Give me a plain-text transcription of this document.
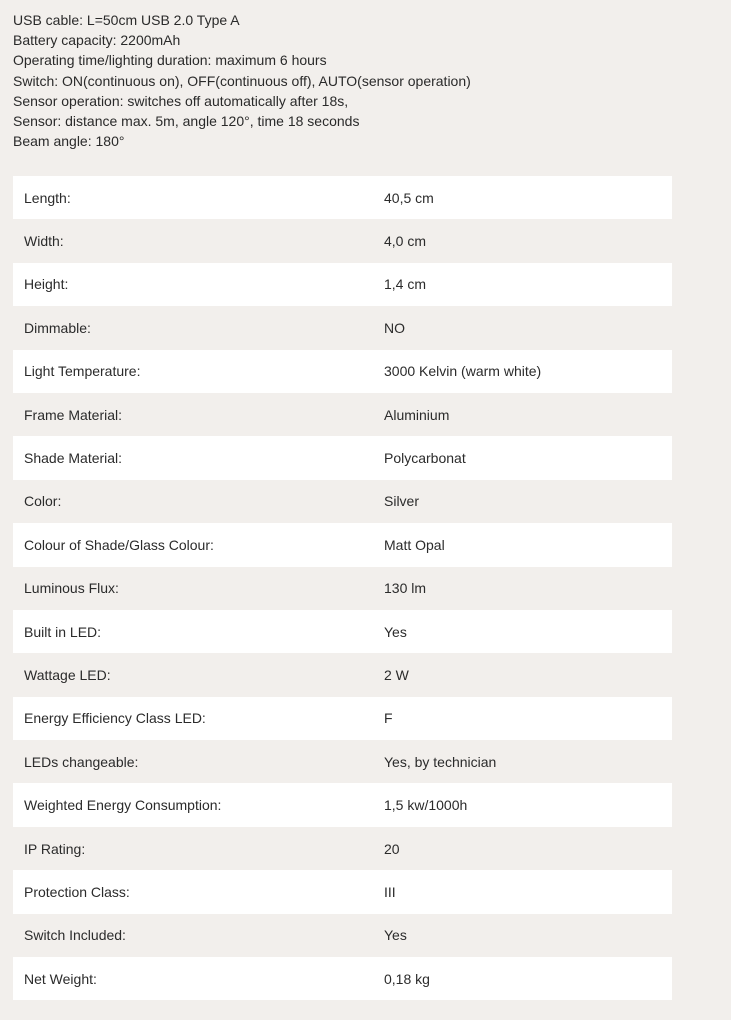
USB cable: L=50cm USB 2.0 Type A
Battery capacity: 2200mAh
Operating time/lighting duration: maximum 6 hours
Switch: ON(continuous on), OFF(continuous off), AUTO(sensor operation)
Sensor operation: switches off automatically after 18s,
Sensor: distance max. 5m, angle 120°, time 18 seconds
Beam angle: 180°
Length:	40,5 cm
Width:	4,0 cm
Height:	1,4 cm
Dimmable:	NO
Light Temperature:	3000 Kelvin (warm white)
Frame Material:	Aluminium
Shade Material:	Polycarbonat
Color:	Silver
Colour of Shade/Glass Colour:	Matt Opal
Luminous Flux:	130 lm
Built in LED:	Yes
Wattage LED:	2 W
Energy Efficiency Class LED:	F
LEDs changeable:	Yes, by technician
Weighted Energy Consumption:	1,5 kw/1000h
IP Rating:	20
Protection Class:	III
Switch Included:	Yes
Net Weight:	0,18 kg
